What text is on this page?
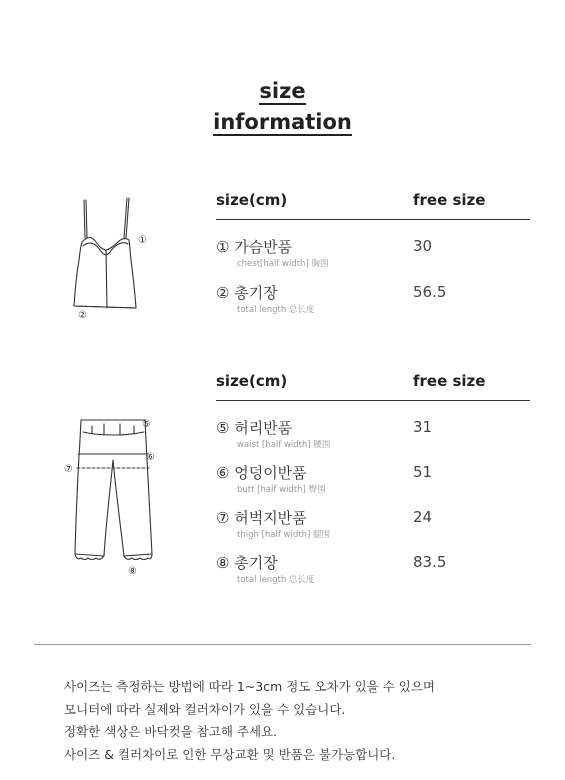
size
information
①
②
⑤
⑥
⑦
⑧
size(cm)	free size
① 가슴반품
chest[half width] 胸围
30
② 총기장
total length 总长度
56.5
size(cm)	free size
⑤ 허리반품
waist [half width] 腰围
31
⑥ 엉덩이반품
butt [half width] 臀围
51
⑦ 허벅지반품
thigh [half width] 腿围
24
⑧ 총기장
total length 总长度
83.5
사이즈는 측정하는 방법에 따라 1~3cm 정도 오차가 있을 수 있으며
모니터에 따라 실제와 컬러차이가 있을 수 있습니다.
정확한 색상은 바닥컷을 참고해 주세요.
사이즈 & 컬러차이로 인한 무상교환 및 반품은 불가능합니다.
